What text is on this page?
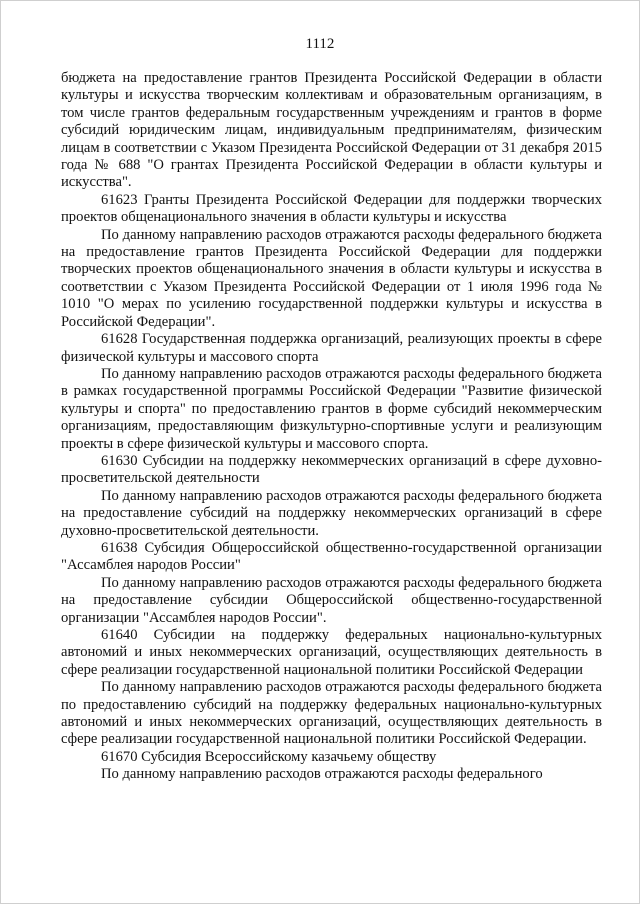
1112

бюджета на предоставление грантов Президента Российской Федерации в области культуры и искусства творческим коллективам и образовательным организациям, в том числе грантов федеральным государственным учреждениям и грантов в форме субсидий юридическим лицам, индивидуальным предпринимателям, физическим лицам в соответствии с Указом Президента Российской Федерации от 31 декабря 2015 года № 688 "О грантах Президента Российской Федерации в области культуры и искусства".

61623 Гранты Президента Российской Федерации для поддержки творческих проектов общенационального значения в области культуры и искусства

По данному направлению расходов отражаются расходы федерального бюджета на предоставление грантов Президента Российской Федерации для поддержки творческих проектов общенационального значения в области культуры и искусства в соответствии с Указом Президента Российской Федерации от 1 июля 1996 года № 1010 "О мерах по усилению государственной поддержки культуры и искусства в Российской Федерации".

61628 Государственная поддержка организаций, реализующих проекты в сфере физической культуры и массового спорта

По данному направлению расходов отражаются расходы федерального бюджета в рамках государственной программы Российской Федерации "Развитие физической культуры и спорта" по предоставлению грантов в форме субсидий некоммерческим организациям, предоставляющим физкультурно-спортивные услуги и реализующим проекты в сфере физической культуры и массового спорта.

61630 Субсидии на поддержку некоммерческих организаций в сфере духовно-просветительской деятельности

По данному направлению расходов отражаются расходы федерального бюджета на предоставление субсидий на поддержку некоммерческих организаций в сфере духовно-просветительской деятельности.

61638 Субсидия Общероссийской общественно-государственной организации "Ассамблея народов России"

По данному направлению расходов отражаются расходы федерального бюджета на предоставление субсидии Общероссийской общественно-государственной организации "Ассамблея народов России".

61640 Субсидии на поддержку федеральных национально-культурных автономий и иных некоммерческих организаций, осуществляющих деятельность в сфере реализации государственной национальной политики Российской Федерации

По данному направлению расходов отражаются расходы федерального бюджета по предоставлению субсидий на поддержку федеральных национально-культурных автономий и иных некоммерческих организаций, осуществляющих деятельность в сфере реализации государственной национальной политики Российской Федерации.

61670 Субсидия Всероссийскому казачьему обществу

По данному направлению расходов отражаются расходы федерального
